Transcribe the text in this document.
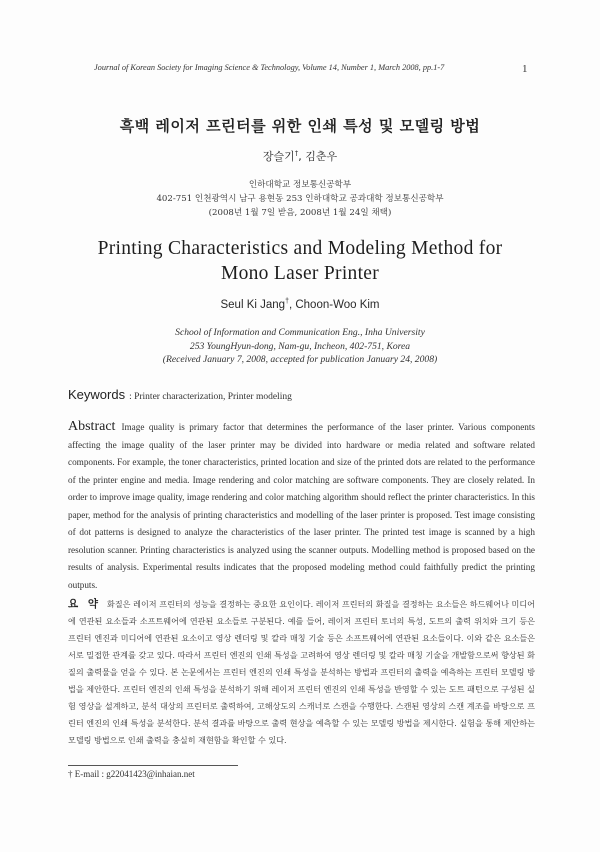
Journal of Korean Society for Imaging Science & Technology, Volume 14, Number 1, March 2008, pp.1-7	1
흑백 레이저 프린터를 위한 인쇄 특성 및 모델링 방법
장슬기†, 김춘우
인하대학교 정보통신공학부
402-751 인천광역시 남구 용현동 253 인하대학교 공과대학 정보통신공학부
(2008년 1월 7일 받음, 2008년 1월 24일 채택)
Printing Characteristics and Modeling Method for
Mono Laser Printer
Seul Ki Jang†, Choon-Woo Kim
School of Information and Communication Eng., Inha University
253 YoungHyun-dong, Nam-gu, Incheon, 402-751, Korea
(Received January 7, 2008, accepted for publication January 24, 2008)
Keywords : Printer characterization, Printer modeling
Abstract Image quality is primary factor that determines the performance of the laser printer. Various components affecting the image quality of the laser printer may be divided into hardware or media related and software related components. For example, the toner characteristics, printed location and size of the printed dots are related to the performance of the printer engine and media. Image rendering and color matching are software components. They are closely related. In order to improve image quality, image rendering and color matching algorithm should reflect the printer characteristics. In this paper, method for the analysis of printing characteristics and modelling of the laser printer is proposed. Test image consisting of dot patterns is designed to analyze the characteristics of the laser printer. The printed test image is scanned by a high resolution scanner. Printing characteristics is analyzed using the scanner outputs. Modelling method is proposed based on the results of analysis. Experimental results indicates that the proposed modeling method could faithfully predict the printing outputs.
요 약 화질은 레이저 프린터의 성능을 결정하는 중요한 요인이다. 레이저 프린터의 화질을 결정하는 요소들은 하드웨어나 미디어에 연관된 요소들과 소프트웨어에 연관된 요소들로 구분된다. 예를 들어, 레이저 프린터 토너의 특성, 도트의 출력 위치와 크기 등은 프린터 엔진과 미디어에 연관된 요소이고 영상 렌더링 및 칼라 매칭 기술 등은 소프트웨어에 연관된 요소들이다. 이와 같은 요소들은 서로 밀접한 관계를 갖고 있다. 따라서 프린터 엔진의 인쇄 특성을 고려하여 영상 렌더링 및 칼라 매칭 기술을 개발함으로써 향상된 화질의 출력물을 얻을 수 있다. 본 논문에서는 프린터 엔진의 인쇄 특성을 분석하는 방법과 프린터의 출력을 예측하는 프린터 모델링 방법을 제안한다. 프린터 엔진의 인쇄 특성을 분석하기 위해 레이저 프린터 엔진의 인쇄 특성을 반영할 수 있는 도트 패턴으로 구성된 실험 영상을 설계하고, 분석 대상의 프린터로 출력하여, 고해상도의 스캐너로 스캔을 수행한다. 스캔된 영상의 스캔 계조를 바탕으로 프린터 엔진의 인쇄 특성을 분석한다. 분석 결과를 바탕으로 출력 현상을 예측할 수 있는 모델링 방법을 제시한다. 실험을 통해 제안하는 모델링 방법으로 인쇄 출력을 충실히 재현함을 확인할 수 있다.
† E-mail : g22041423@inhaian.net
